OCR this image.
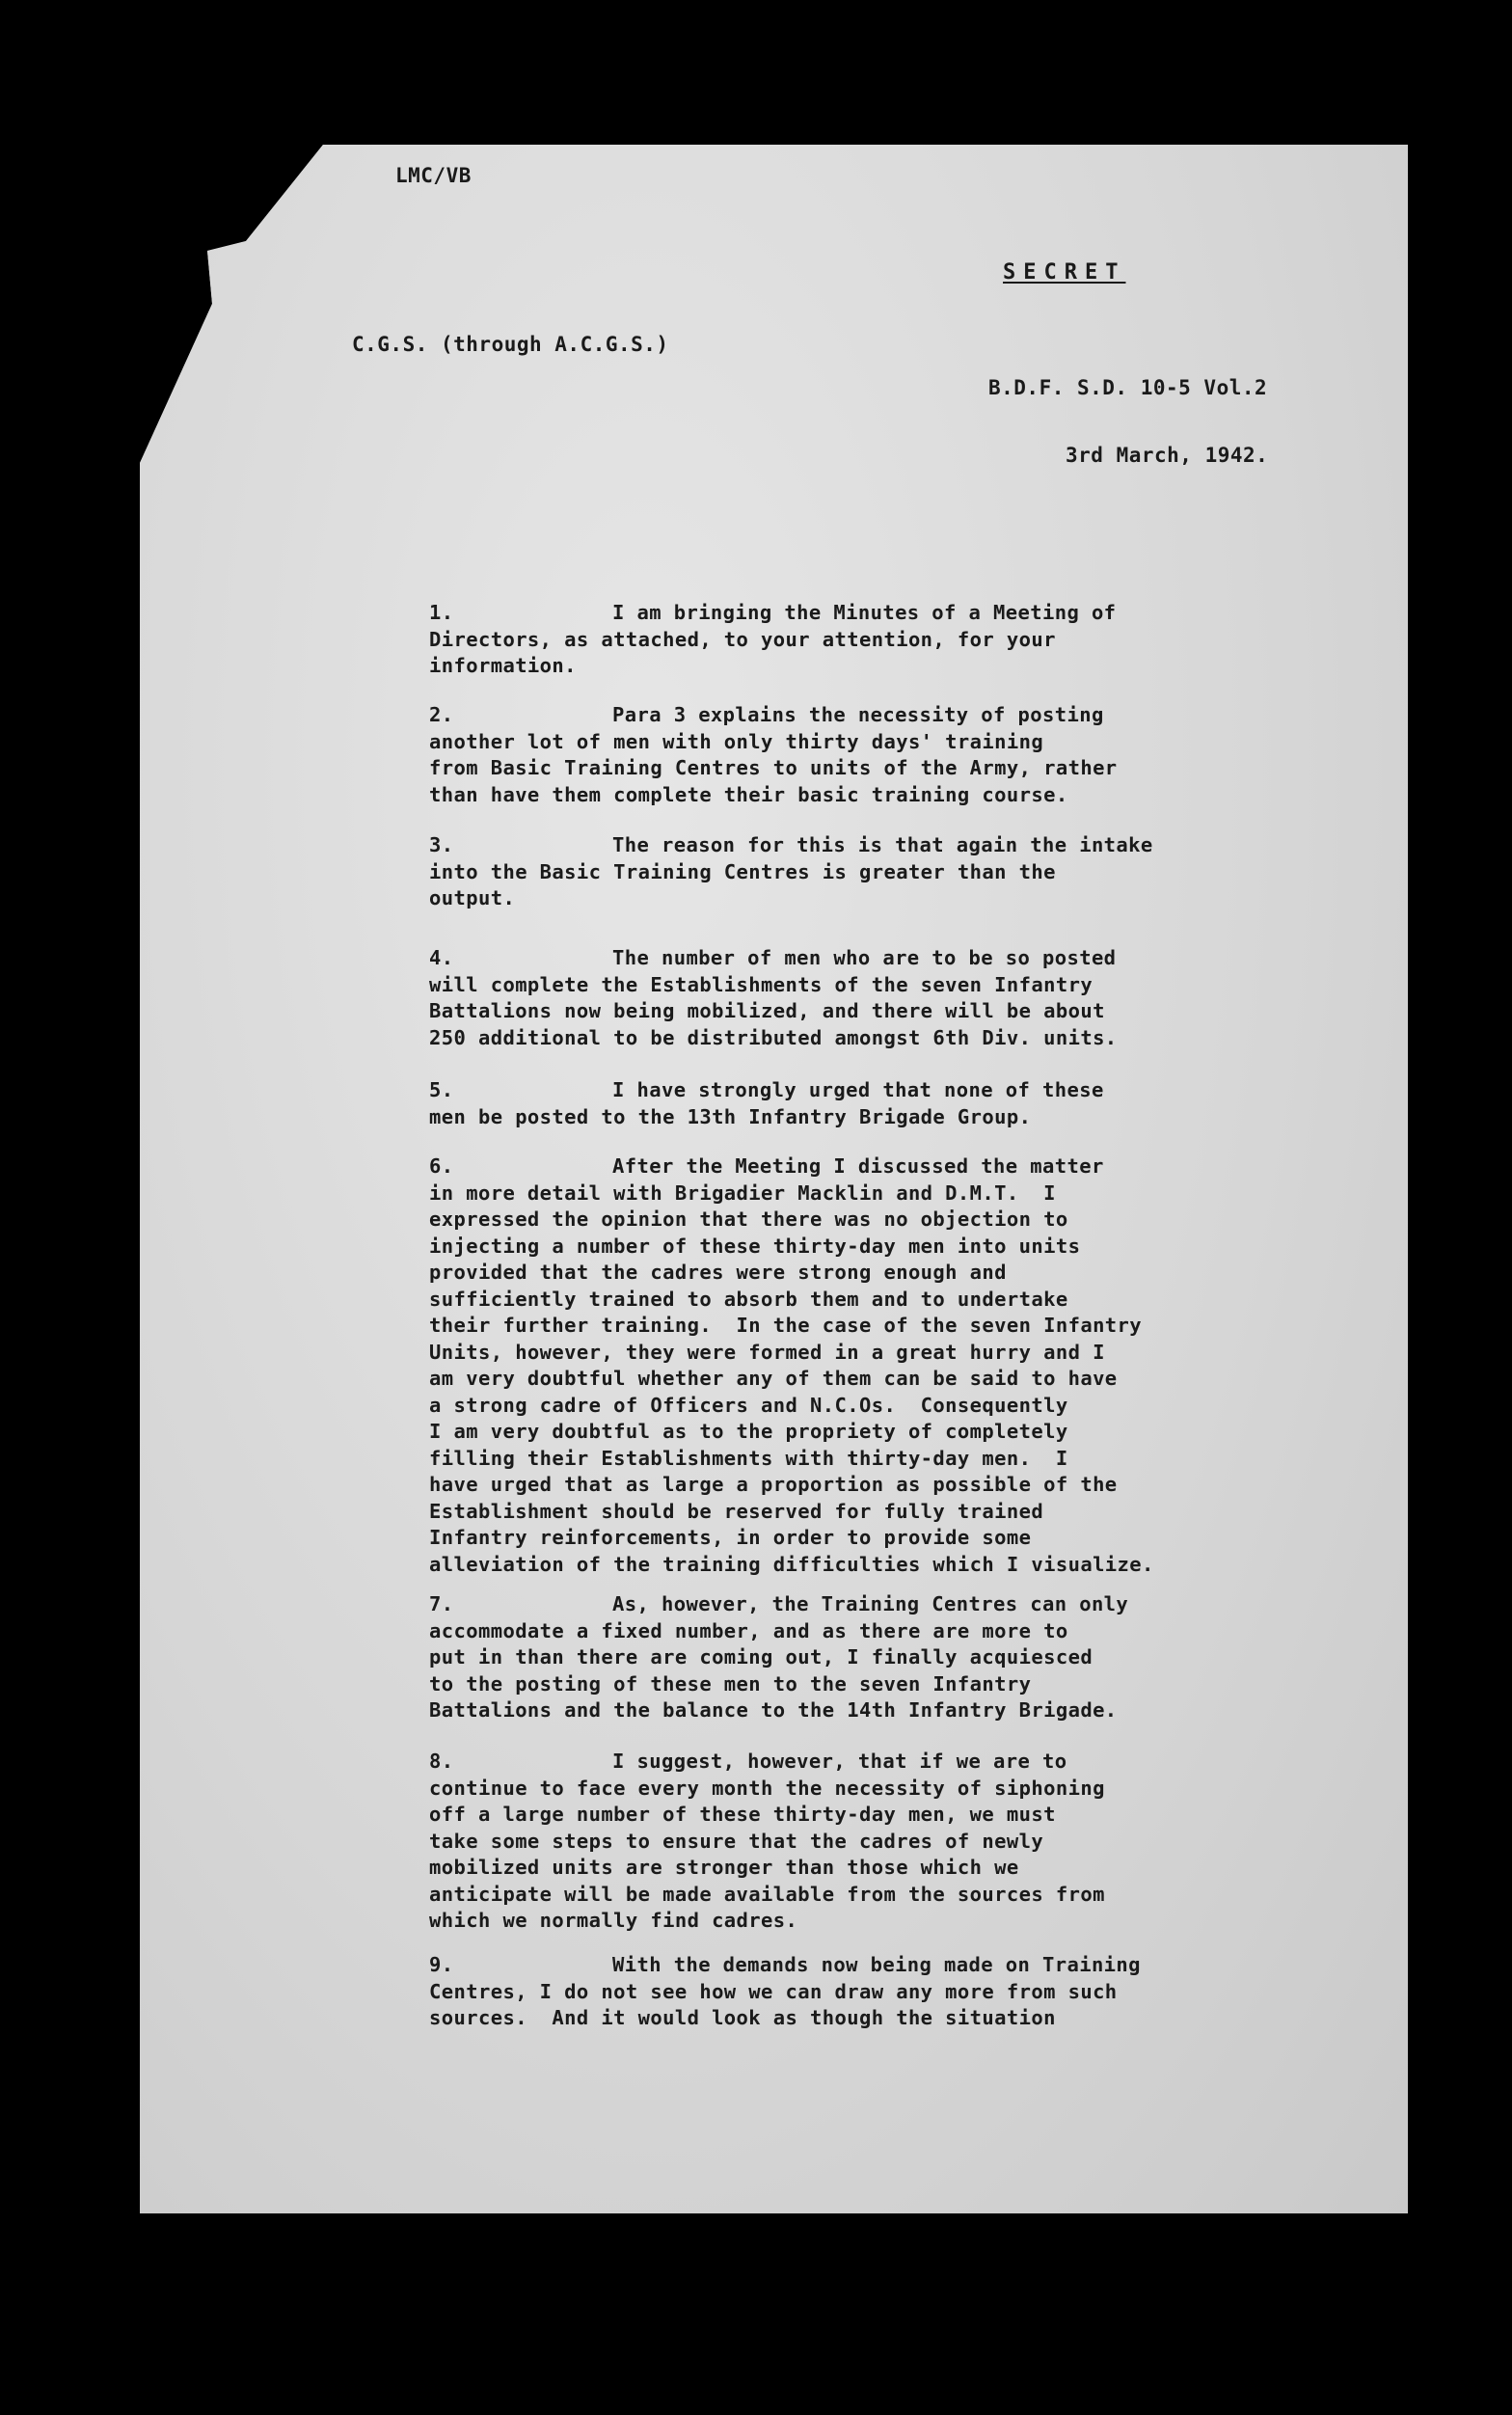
LMC/VB
SECRET
C.G.S. (through A.C.G.S.)
B.D.F. S.D. 10-5 Vol.2
3rd March, 1942.
1.	I am bringing the Minutes of a Meeting of
Directors, as attached, to your attention, for your
information.
2.	Para 3 explains the necessity of posting
another lot of men with only thirty days' training
from Basic Training Centres to units of the Army, rather
than have them complete their basic training course.
3.	The reason for this is that again the intake
into the Basic Training Centres is greater than the
output.
4.	The number of men who are to be so posted
will complete the Establishments of the seven Infantry
Battalions now being mobilized, and there will be about
250 additional to be distributed amongst 6th Div. units.
5.	I have strongly urged that none of these
men be posted to the 13th Infantry Brigade Group.
6.	After the Meeting I discussed the matter
in more detail with Brigadier Macklin and D.M.T.  I
expressed the opinion that there was no objection to
injecting a number of these thirty-day men into units
provided that the cadres were strong enough and
sufficiently trained to absorb them and to undertake
their further training.  In the case of the seven Infantry
Units, however, they were formed in a great hurry and I
am very doubtful whether any of them can be said to have
a strong cadre of Officers and N.C.Os.  Consequently
I am very doubtful as to the propriety of completely
filling their Establishments with thirty-day men.  I
have urged that as large a proportion as possible of the
Establishment should be reserved for fully trained
Infantry reinforcements, in order to provide some
alleviation of the training difficulties which I visualize.
7.	As, however, the Training Centres can only
accommodate a fixed number, and as there are more to
put in than there are coming out, I finally acquiesced
to the posting of these men to the seven Infantry
Battalions and the balance to the 14th Infantry Brigade.
8.	I suggest, however, that if we are to
continue to face every month the necessity of siphoning
off a large number of these thirty-day men, we must
take some steps to ensure that the cadres of newly
mobilized units are stronger than those which we
anticipate will be made available from the sources from
which we normally find cadres.
9.	With the demands now being made on Training
Centres, I do not see how we can draw any more from such
sources.  And it would look as though the situation
